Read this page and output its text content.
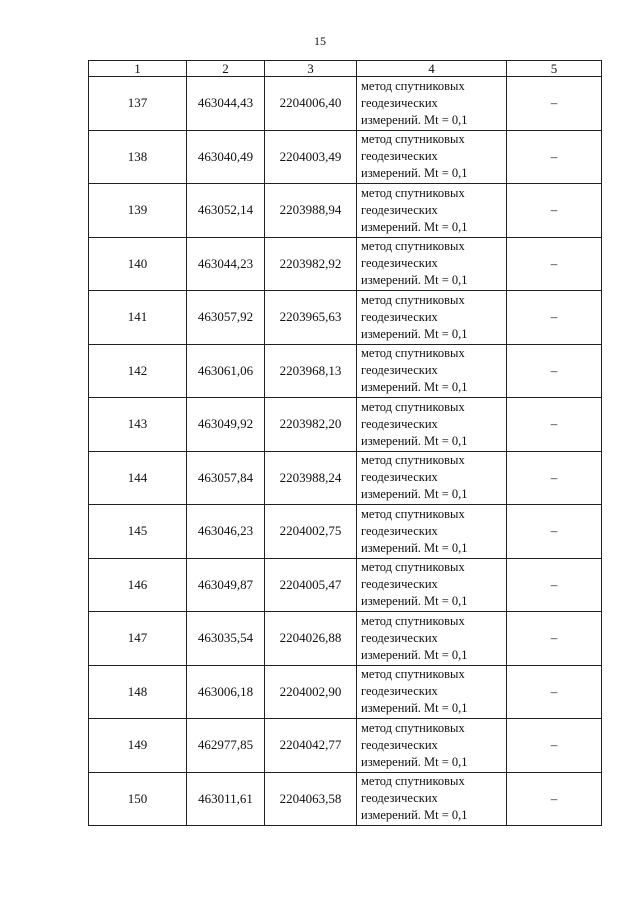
15
1	2	3	4	5
137	463044,43	2204006,40	метод спутниковых
геодезических
измерений. Mt = 0,1	–
138	463040,49	2204003,49	метод спутниковых
геодезических
измерений. Mt = 0,1	–
139	463052,14	2203988,94	метод спутниковых
геодезических
измерений. Mt = 0,1	–
140	463044,23	2203982,92	метод спутниковых
геодезических
измерений. Mt = 0,1	–
141	463057,92	2203965,63	метод спутниковых
геодезических
измерений. Mt = 0,1	–
142	463061,06	2203968,13	метод спутниковых
геодезических
измерений. Mt = 0,1	–
143	463049,92	2203982,20	метод спутниковых
геодезических
измерений. Mt = 0,1	–
144	463057,84	2203988,24	метод спутниковых
геодезических
измерений. Mt = 0,1	–
145	463046,23	2204002,75	метод спутниковых
геодезических
измерений. Mt = 0,1	–
146	463049,87	2204005,47	метод спутниковых
геодезических
измерений. Mt = 0,1	–
147	463035,54	2204026,88	метод спутниковых
геодезических
измерений. Mt = 0,1	–
148	463006,18	2204002,90	метод спутниковых
геодезических
измерений. Mt = 0,1	–
149	462977,85	2204042,77	метод спутниковых
геодезических
измерений. Mt = 0,1	–
150	463011,61	2204063,58	метод спутниковых
геодезических
измерений. Mt = 0,1	–
